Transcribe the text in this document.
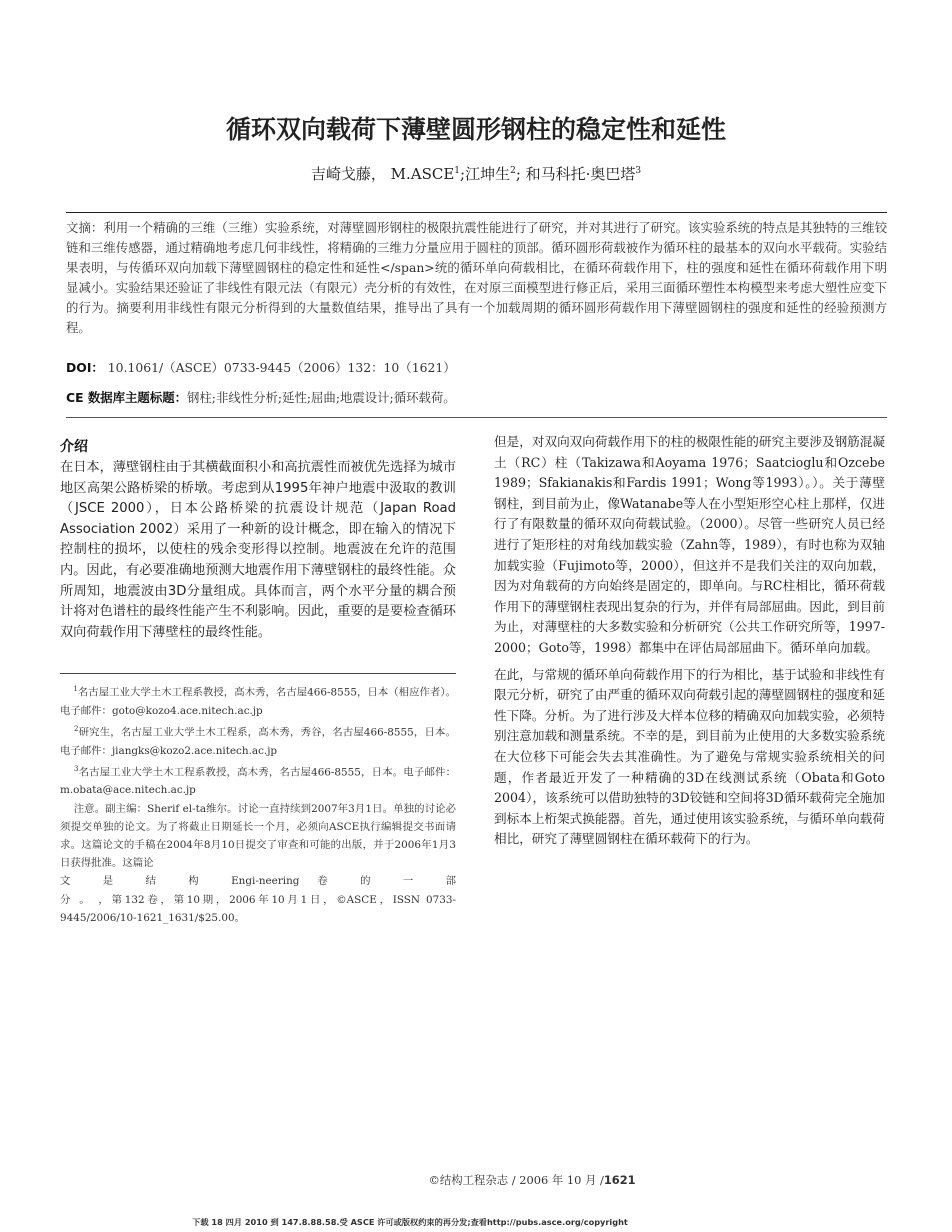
循环双向载荷下薄壁圆形钢柱的稳定性和延性
吉崎戈藤， M.ASCE$^1$;江坤生$^2$; 和马科托·奥巴塔$^3$

文摘：利用一个精确的三维（三维）实验系统，对薄壁圆形钢柱的极限抗震性能进行了研究，并对其进行了研究。该实验系统的特点是其独特的三维铰链和三维传感器，通过精确地考虑几何非线性，将精确的三维力分量应用于圆柱的顶部。循环圆形荷载被作为循环柱的最基本的双向水平载荷。实验结果表明，与传循环双向加载下薄壁圆钢柱的稳定性和延性</span>统的循环单向荷载相比，在循环荷载作用下，柱的强度和延性在循环荷载作用下明显减小。实验结果还验证了非线性有限元法（有限元）壳分析的有效性，在对原三面模型进行修正后，采用三面循环塑性本构模型来考虑大塑性应变下的行为。摘要利用非线性有限元分析得到的大量数值结果，推导出了具有一个加载周期的循环圆形荷载作用下薄壁圆钢柱的强度和延性的经验预测方程。

DOI： 10.1061/（ASCE）0733-9445（2006）132：10（1621）
CE 数据库主题标题：钢柱;非线性分析;延性;屈曲;地震设计;循环载荷。
介绍

在日本，薄壁钢柱由于其横截面积小和高抗震性而被优先选择为城市地区高架公路桥梁的桥墩。考虑到从1995年神户地震中汲取的教训（JSCE 2000），日本公路桥梁的抗震设计规范（Japan Road Association 2002）采用了一种新的设计概念，即在输入的情况下控制柱的损坏，以使柱的残余变形得以控制。地震波在允许的范围内。因此，有必要准确地预测大地震作用下薄壁钢柱的最终性能。众所周知，地震波由3D分量组成。具体而言，两个水平分量的耦合预计将对色谱柱的最终性能产生不利影响。因此，重要的是要检查循环双向荷载作用下薄壁柱的最终性能。

$^1$名古屋工业大学土木工程系教授，高木秀，名古屋466-8555，日本（相应作者）。电子邮件：goto@kozo4.ace.nitech.ac.jp

$^2$研究生，名古屋工业大学土木工程系，高木秀，秀谷，名古屋466-8555，日本。电子邮件：jiangks@kozo2.ace.nitech.ac.jp

$^3$名古屋工业大学土木工程系教授，高木秀，名古屋466-8555，日本。电子邮件：m.obata@ace.nitech.ac.jp

注意。副主编：Sherif el-ta维尔。讨论一直持续到2007年3月1日。单独的讨论必须提交单独的论文。为了将截止日期延长一个月，必须向ASCE执行编辑提交书面请求。这篇论文的手稿在2004年8月10日提交了审查和可能的出版，并于2006年1月3日获得批准。这篇论

文 是 结 构 Engi-neering 卷 的 一 部

分 。 ，第132卷，第10期，2006年10月1日，©ASCE，ISSN 0733-9445/2006/10-1621_1631/$25.00。

但是，对双向双向荷载作用下的柱的极限性能的研究主要涉及钢筋混凝土（RC）柱（Takizawa和Aoyama 1976；Saatcioglu和Ozcebe 1989；Sfakianakis和Fardis 1991；Wong等1993）。）。关于薄壁钢柱，到目前为止，像Watanabe等人在小型矩形空心柱上那样，仅进行了有限数量的循环双向荷载试验。（2000）。尽管一些研究人员已经进行了矩形柱的对角线加载实验（Zahn等，1989），有时也称为双轴加载实验（Fujimoto等，2000），但这并不是我们关注的双向加载，因为对角载荷的方向始终是固定的，即单向。与RC柱相比，循环荷载作用下的薄壁钢柱表现出复杂的行为，并伴有局部屈曲。因此，到目前为止，对薄壁柱的大多数实验和分析研究（公共工作研究所等，1997-2000；Goto等，1998）都集中在评估局部屈曲下。循环单向加载。

在此，与常规的循环单向荷载作用下的行为相比，基于试验和非线性有限元分析，研究了由严重的循环双向荷载引起的薄壁圆钢柱的强度和延性下降。分析。为了进行涉及大样本位移的精确双向加载实验，必须特别注意加载和测量系统。不幸的是，到目前为止使用的大多数实验系统在大位移下可能会失去其准确性。为了避免与常规实验系统相关的问题，作者最近开发了一种精确的3D在线测试系统（Obata和Goto 2004），该系统可以借助独特的3D铰链和空间将3D循环载荷完全施加到标本上桁架式换能器。首先，通过使用该实验系统，与循环单向载荷相比，研究了薄壁圆钢柱在循环载荷下的行为。

©结构工程杂志 / 2006 年 10 月 /1621
下载 18 四月 2010 到 147.8.88.58.受 ASCE 许可或版权约束的再分发;查看http://pubs.asce.org/copyright
